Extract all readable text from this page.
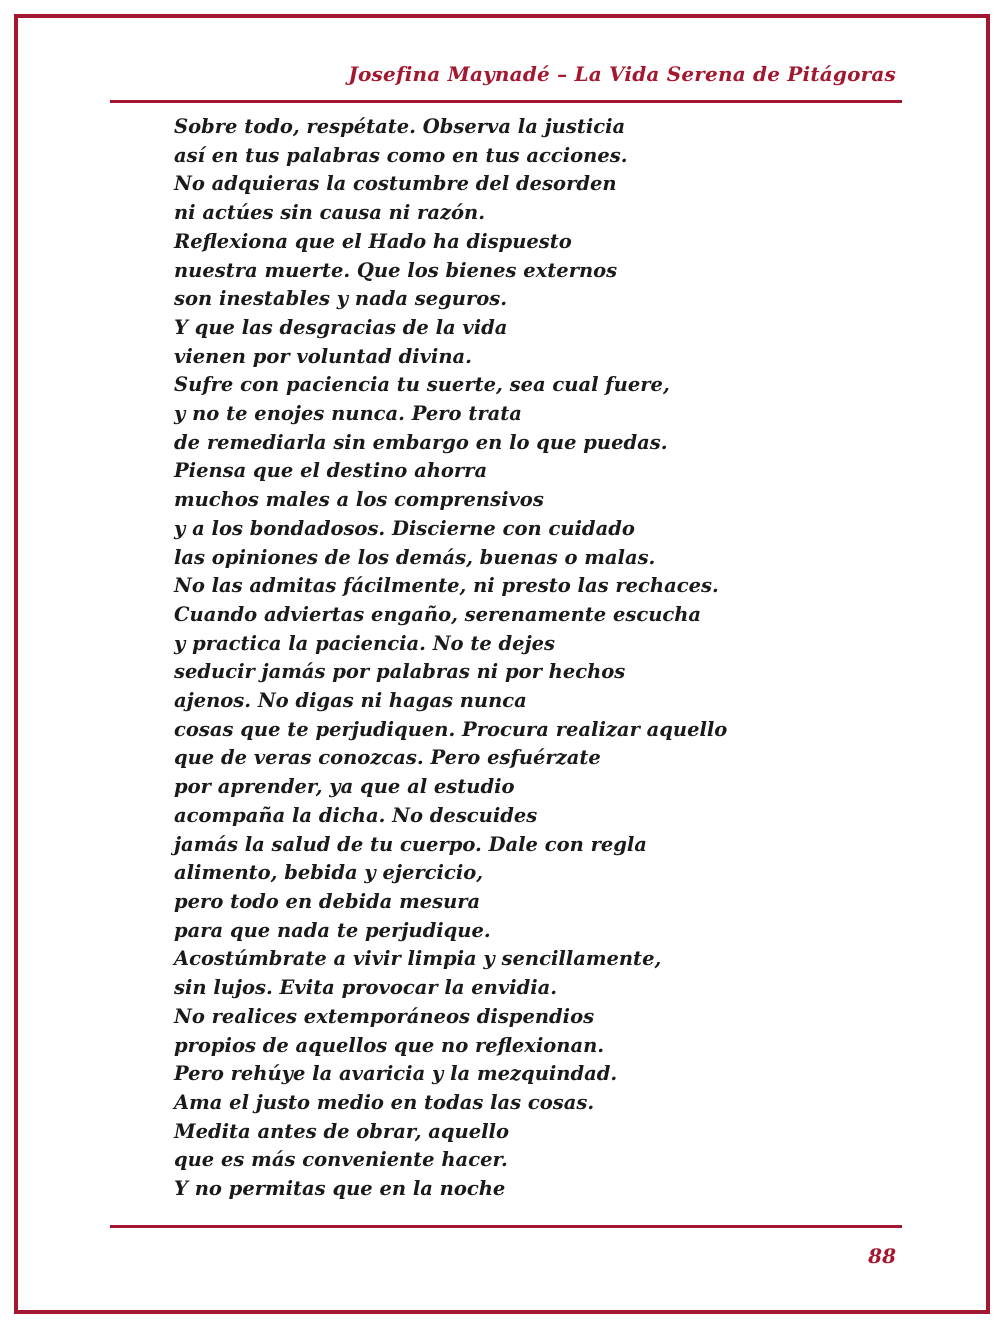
Josefina Maynadé – La Vida Serena de Pitágoras
Sobre todo, respétate. Observa la justicia
así en tus palabras como en tus acciones.
No adquieras la costumbre del desorden
ni actúes sin causa ni razón.
Reflexiona que el Hado ha dispuesto
nuestra muerte. Que los bienes externos
son inestables y nada seguros.
Y que las desgracias de la vida
vienen por voluntad divina.
Sufre con paciencia tu suerte, sea cual fuere,
y no te enojes nunca. Pero trata
de remediarla sin embargo en lo que puedas.
Piensa que el destino ahorra
muchos males a los comprensivos
y a los bondadosos. Discierne con cuidado
las opiniones de los demás, buenas o malas.
No las admitas fácilmente, ni presto las rechaces.
Cuando adviertas engaño, serenamente escucha
y practica la paciencia. No te dejes
seducir jamás por palabras ni por hechos
ajenos. No digas ni hagas nunca
cosas que te perjudiquen. Procura realizar aquello
que de veras conozcas. Pero esfuérzate
por aprender, ya que al estudio
acompaña la dicha. No descuides
jamás la salud de tu cuerpo. Dale con regla
alimento, bebida y ejercicio,
pero todo en debida mesura
para que nada te perjudique.
Acostúmbrate a vivir limpia y sencillamente,
sin lujos. Evita provocar la envidia.
No realices extemporáneos dispendios
propios de aquellos que no reflexionan.
Pero rehúye la avaricia y la mezquindad.
Ama el justo medio en todas las cosas.
Medita antes de obrar, aquello
que es más conveniente hacer.
Y no permitas que en la noche
88
